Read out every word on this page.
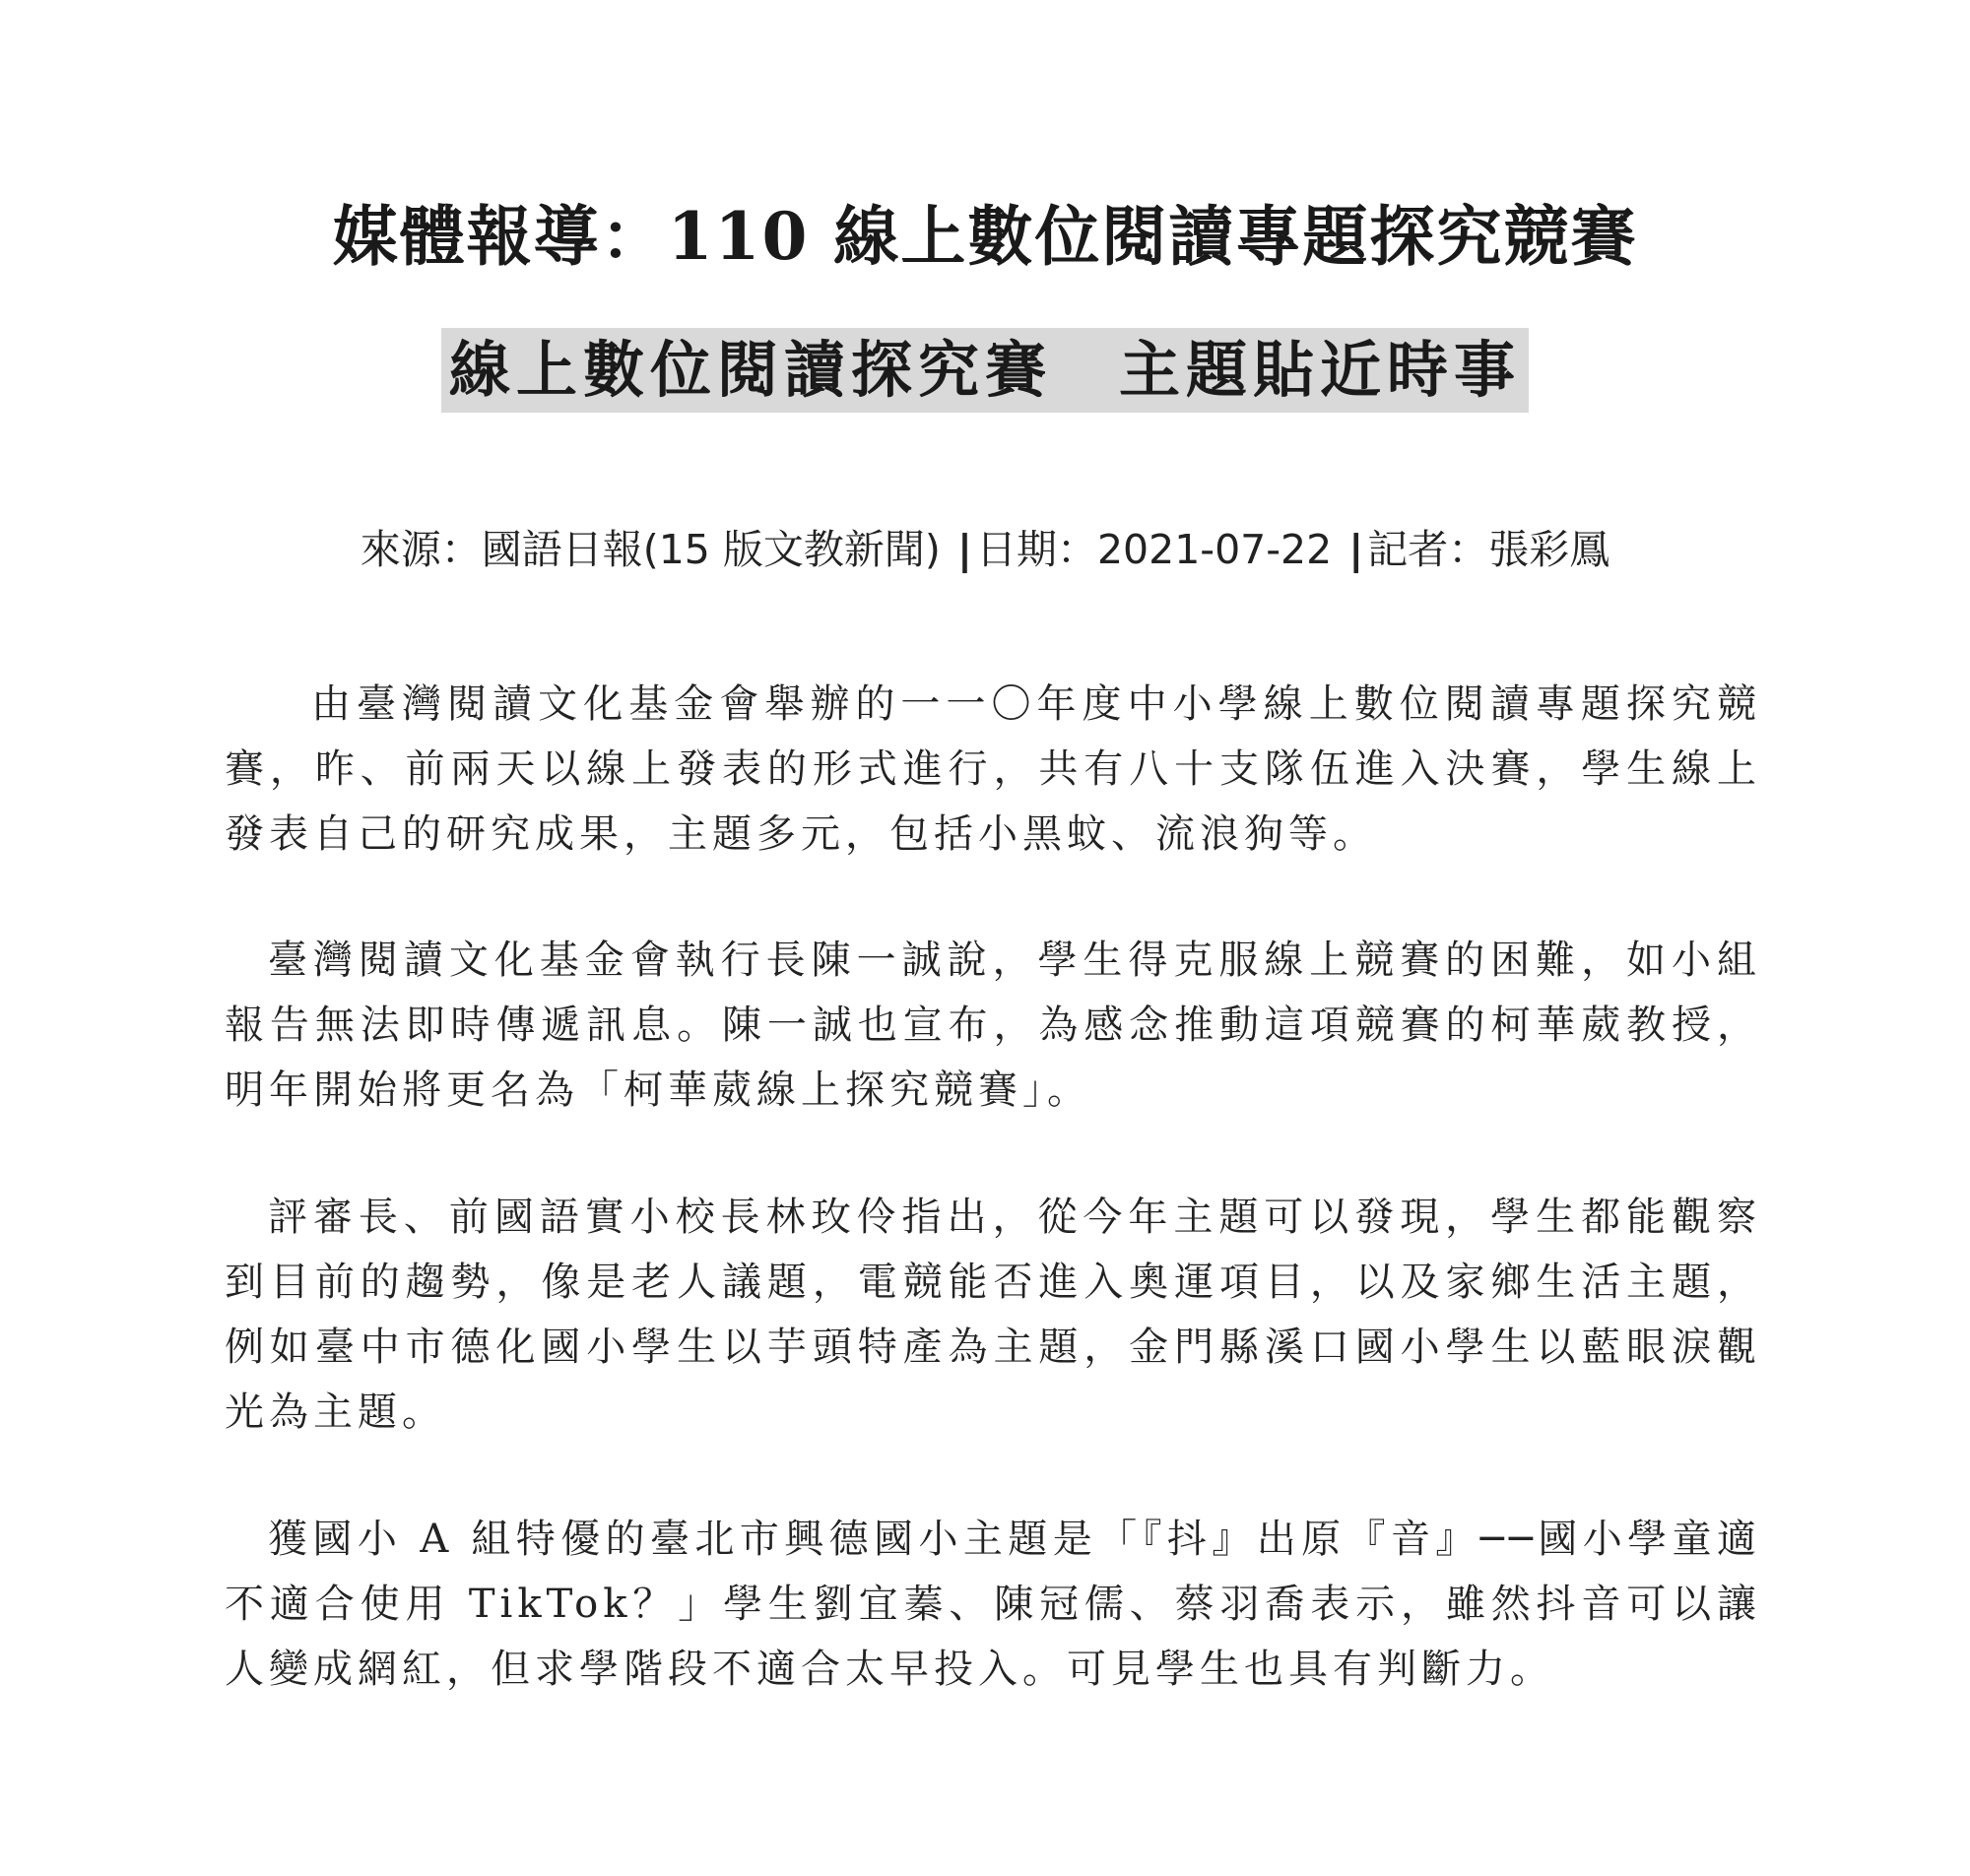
媒體報導：110 線上數位閱讀專題探究競賽
線上數位閱讀探究賽　主題貼近時事
來源：國語日報(15 版文教新聞) |日期：2021-07-22 |記者：張彩鳳

由臺灣閱讀文化基金會舉辦的一一〇年度中小學線上數位閱讀專題探究競賽，昨、前兩天以線上發表的形式進行，共有八十支隊伍進入決賽，學生線上發表自己的研究成果，主題多元，包括小黑蚊、流浪狗等。

臺灣閱讀文化基金會執行長陳一誠說，學生得克服線上競賽的困難，如小組報告無法即時傳遞訊息。陳一誠也宣布，為感念推動這項競賽的柯華葳教授，明年開始將更名為「柯華葳線上探究競賽」。

評審長、前國語實小校長林玫伶指出，從今年主題可以發現，學生都能觀察到目前的趨勢，像是老人議題，電競能否進入奧運項目，以及家鄉生活主題，例如臺中市德化國小學生以芋頭特產為主題，金門縣溪口國小學生以藍眼淚觀光為主題。

獲國小 A 組特優的臺北市興德國小主題是「『抖』出原『音』──國小學童適不適合使用 TikTok？」學生劉宜蓁、陳冠儒、蔡羽喬表示，雖然抖音可以讓人變成網紅，但求學階段不適合太早投入。可見學生也具有判斷力。
